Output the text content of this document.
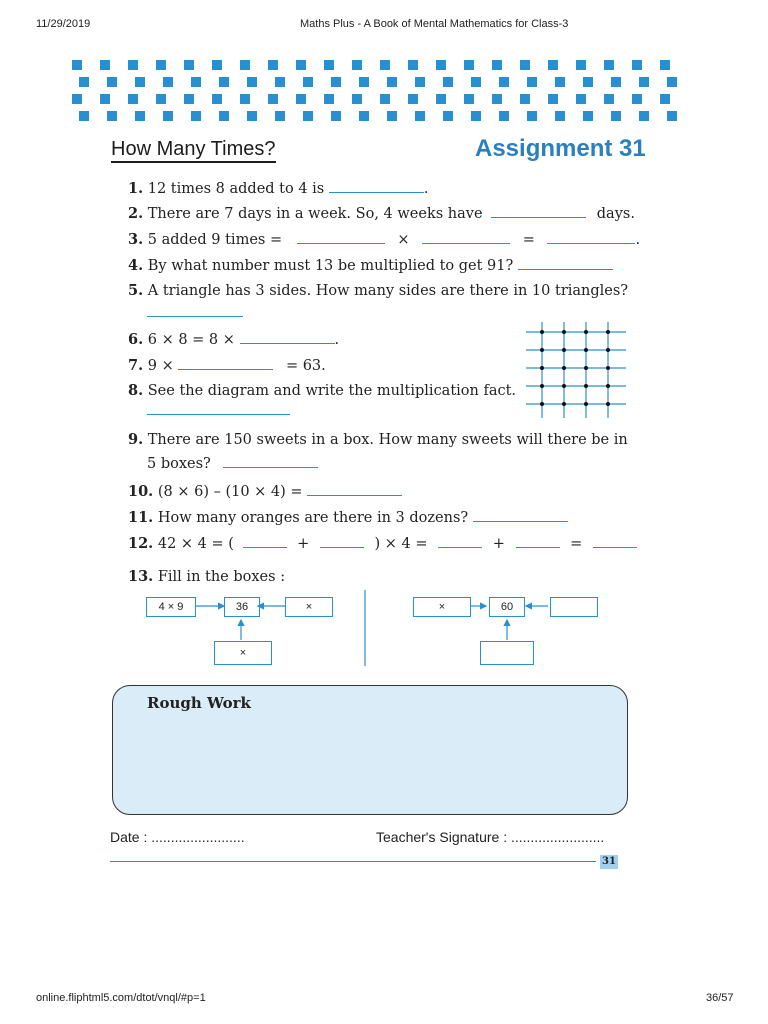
11/29/2019	Maths Plus - A Book of Mental Mathematics for Class-3
How Many Times?	Assignment 31
1. 12 times 8 added to 4 is	.
2. There are 7 days in a week. So, 4 weeks have	days.
3. 5 added 9 times =	×	=	.
4. By what number must 13 be multiplied to get 91?
5. A triangle has 3 sides. How many sides are there in 10 triangles?
6. 6 × 8 = 8 ×	.
7. 9 ×	= 63.
8. See the diagram and write the multiplication fact.
9. There are 150 sweets in a box. How many sweets will there be in
5 boxes?
10. (8 × 6) – (10 × 4) =
11. How many oranges are there in 3 dozens?
12. 42 × 4 = (	+	) × 4 =	+	=
13. Fill in the boxes :
4 × 9	36	×
×
×	60
Rough Work
Date : ........................	Teacher's Signature : ........................
31
online.fliphtml5.com/dtot/vnql/#p=1	36/57
